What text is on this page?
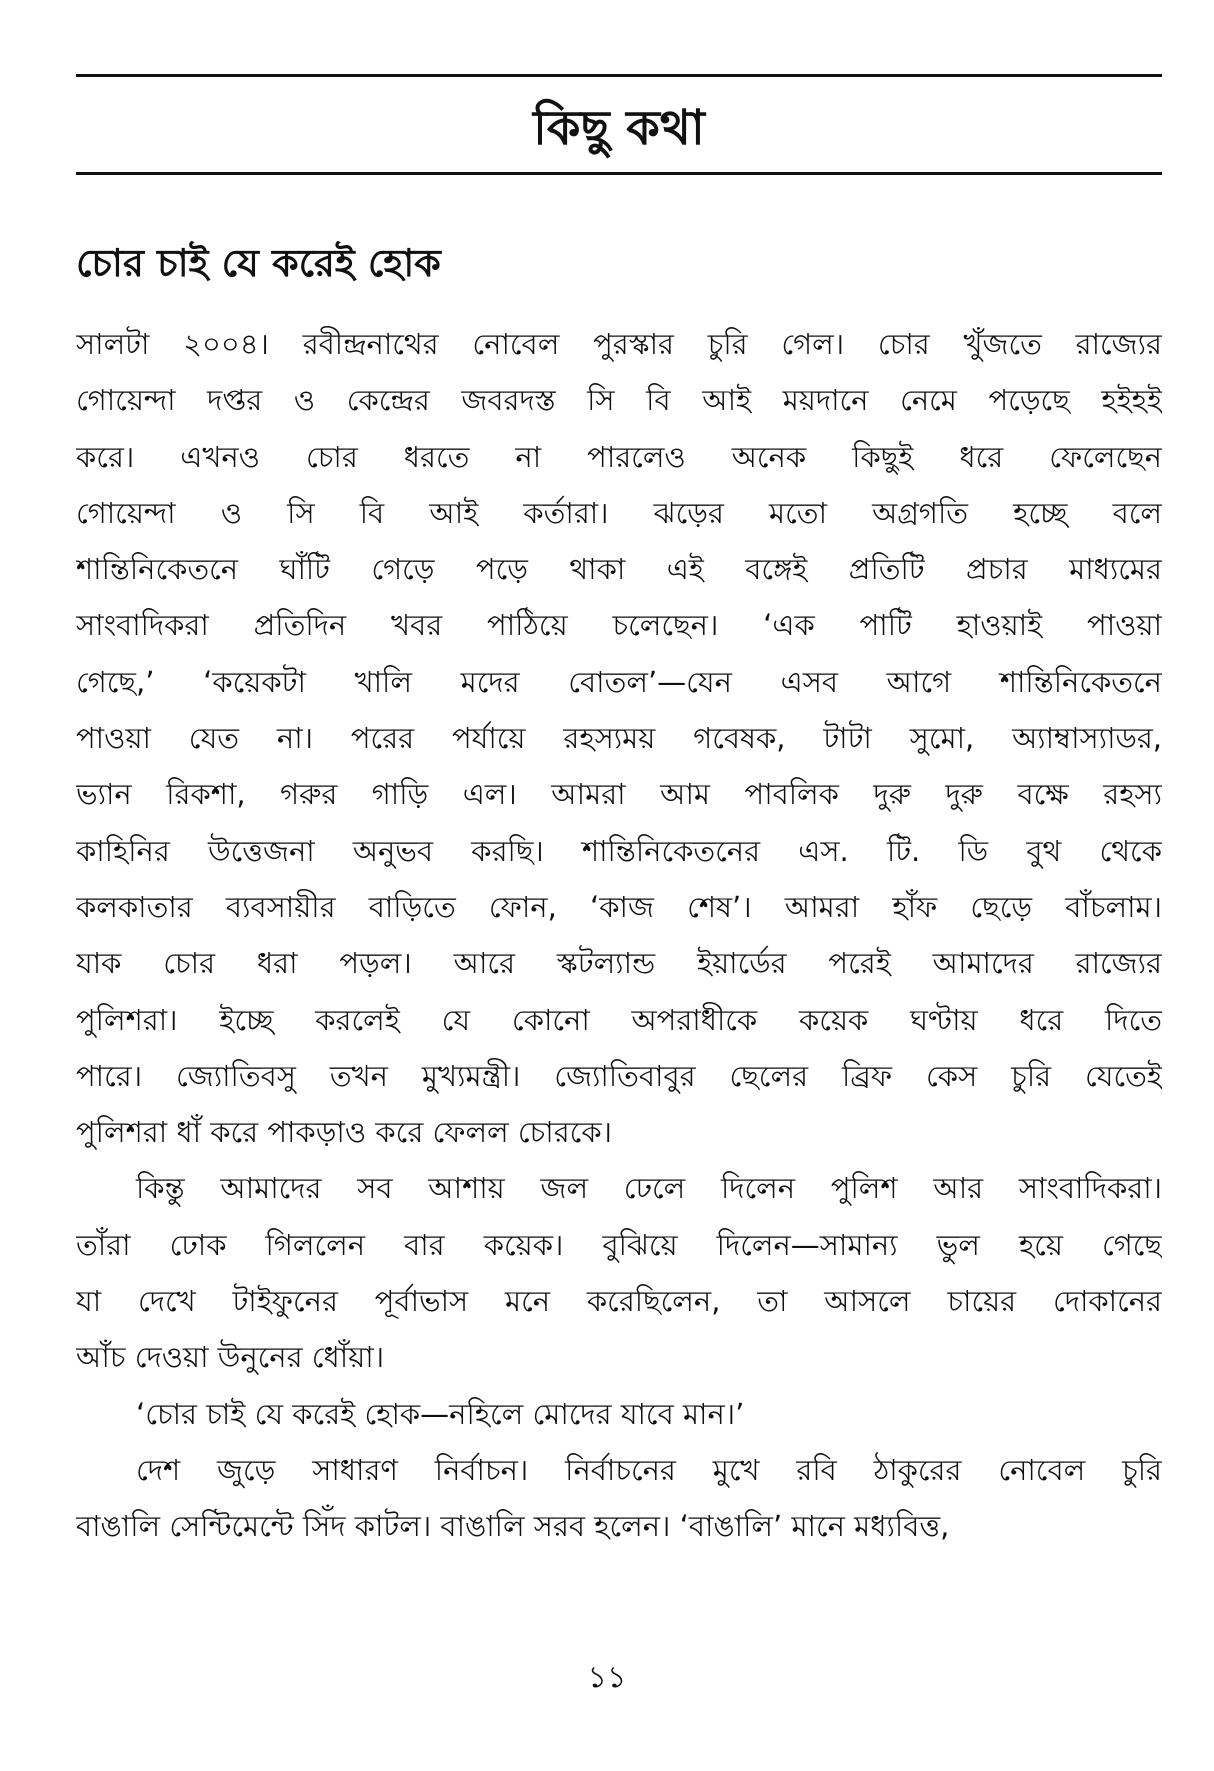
কিছু কথা
চোর চাই যে করেই হোক
সালটা ২০০৪। রবীন্দ্রনাথের নোবেল পুরস্কার চুরি গেল। চোর খুঁজতে রাজ্যের
গোয়েন্দা দপ্তর ও কেন্দ্রের জবরদস্ত সি বি আই ময়দানে নেমে পড়েছে হইহই
করে। এখনও চোর ধরতে না পারলেও অনেক কিছুই ধরে ফেলেছেন
গোয়েন্দা ও সি বি আই কর্তারা। ঝড়ের মতো অগ্রগতি হচ্ছে বলে
শান্তিনিকেতনে ঘাঁটি গেড়ে পড়ে থাকা এই বঙ্গেই প্রতিটি প্রচার মাধ্যমের
সাংবাদিকরা প্রতিদিন খবর পাঠিয়ে চলেছেন। ‘এক পাটি হাওয়াই পাওয়া
গেছে,’ ‘কয়েকটা খালি মদের বোতল’—যেন এসব আগে শান্তিনিকেতনে
পাওয়া যেত না। পরের পর্যায়ে রহস্যময় গবেষক, টাটা সুমো, অ্যাম্বাস্যাডর,
ভ্যান রিকশা, গরুর গাড়ি এল। আমরা আম পাবলিক দুরু দুরু বক্ষে রহস্য
কাহিনির উত্তেজনা অনুভব করছি। শান্তিনিকেতনের এস. টি. ডি বুথ থেকে
কলকাতার ব্যবসায়ীর বাড়িতে ফোন, ‘কাজ শেষ’। আমরা হাঁফ ছেড়ে বাঁচলাম।
যাক চোর ধরা পড়ল। আরে স্কটল্যান্ড ইয়ার্ডের পরেই আমাদের রাজ্যের
পুলিশরা। ইচ্ছে করলেই যে কোনো অপরাধীকে কয়েক ঘণ্টায় ধরে দিতে
পারে। জ্যোতিবসু তখন মুখ্যমন্ত্রী। জ্যোতিবাবুর ছেলের ব্রিফ কেস চুরি যেতেই
পুলিশরা ধাঁ করে পাকড়াও করে ফেলল চোরকে।
কিন্তু আমাদের সব আশায় জল ঢেলে দিলেন পুলিশ আর সাংবাদিকরা।
তাঁরা ঢোক গিললেন বার কয়েক। বুঝিয়ে দিলেন—সামান্য ভুল হয়ে গেছে
যা দেখে টাইফুনের পূর্বাভাস মনে করেছিলেন, তা আসলে চায়ের দোকানের
আঁচ দেওয়া উনুনের ধোঁয়া।
‘চোর চাই যে করেই হোক—নহিলে মোদের যাবে মান।’
দেশ জুড়ে সাধারণ নির্বাচন। নির্বাচনের মুখে রবি ঠাকুরের নোবেল চুরি
বাঙালি সেন্টিমেন্টে সিঁদ কাটল। বাঙালি সরব হলেন। ‘বাঙালি’ মানে মধ্যবিত্ত,
১১
